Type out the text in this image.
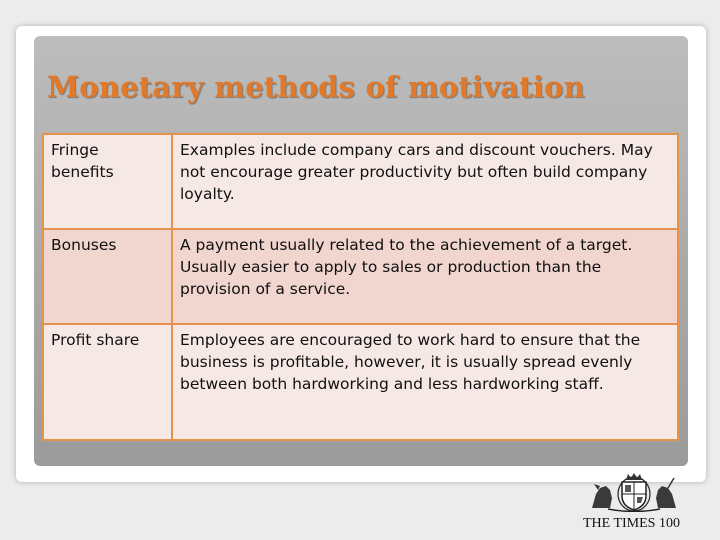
Monetary methods of motivation
Fringe benefits	Examples include company cars and discount vouchers. May not encourage greater productivity but often build company loyalty.
Bonuses	A payment usually related to the achievement of a target. Usually easier to apply to sales or production than the provision of a service.
Profit share	Employees are encouraged to work hard to ensure that the business is profitable, however, it is usually spread evenly between both hardworking and less hardworking staff.
THE TIMES 100
